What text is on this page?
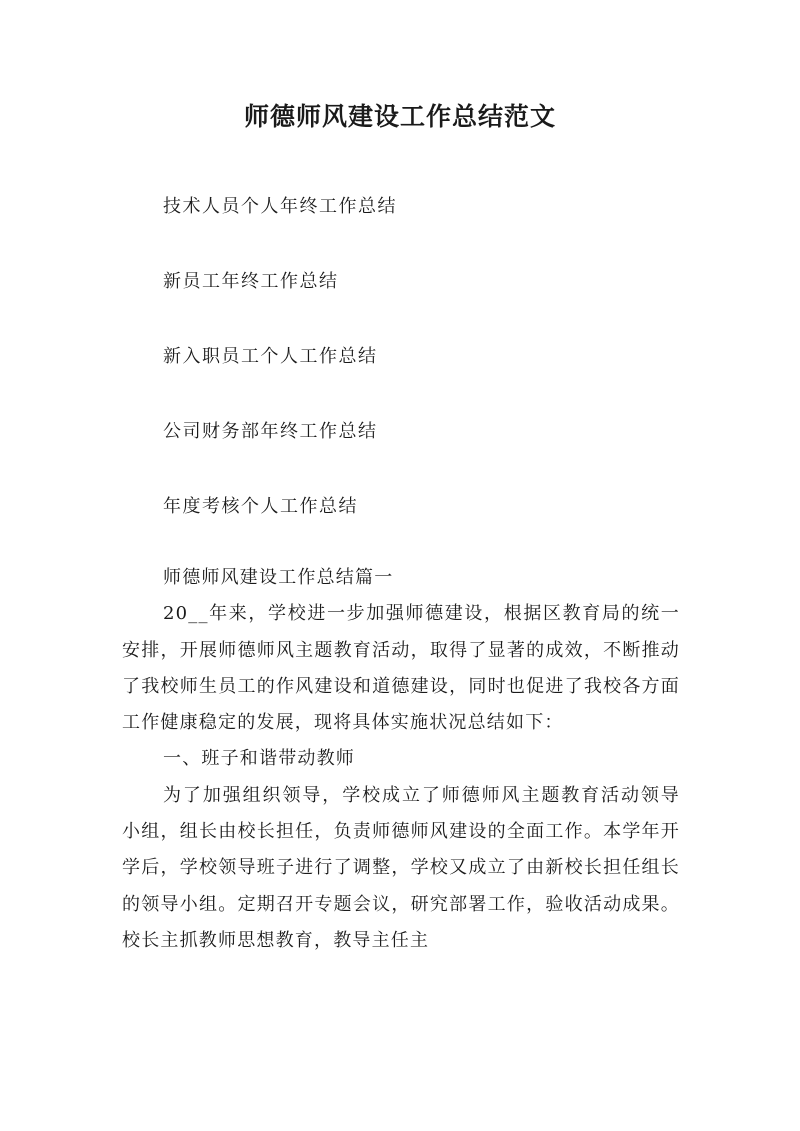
师德师风建设工作总结范文

技术人员个人年终工作总结

新员工年终工作总结

新入职员工个人工作总结

公司财务部年终工作总结

年度考核个人工作总结

师德师风建设工作总结篇一

20__年来，学校进一步加强师德建设，根据区教育局的统一安排，开展师德师风主题教育活动，取得了显著的成效，不断推动了我校师生员工的作风建设和道德建设，同时也促进了我校各方面工作健康稳定的发展，现将具体实施状况总结如下：

一、班子和谐带动教师

为了加强组织领导，学校成立了师德师风主题教育活动领导小组，组长由校长担任，负责师德师风建设的全面工作。本学年开学后，学校领导班子进行了调整，学校又成立了由新校长担任组长的领导小组。定期召开专题会议，研究部署工作，验收活动成果。校长主抓教师思想教育，教导主任主
